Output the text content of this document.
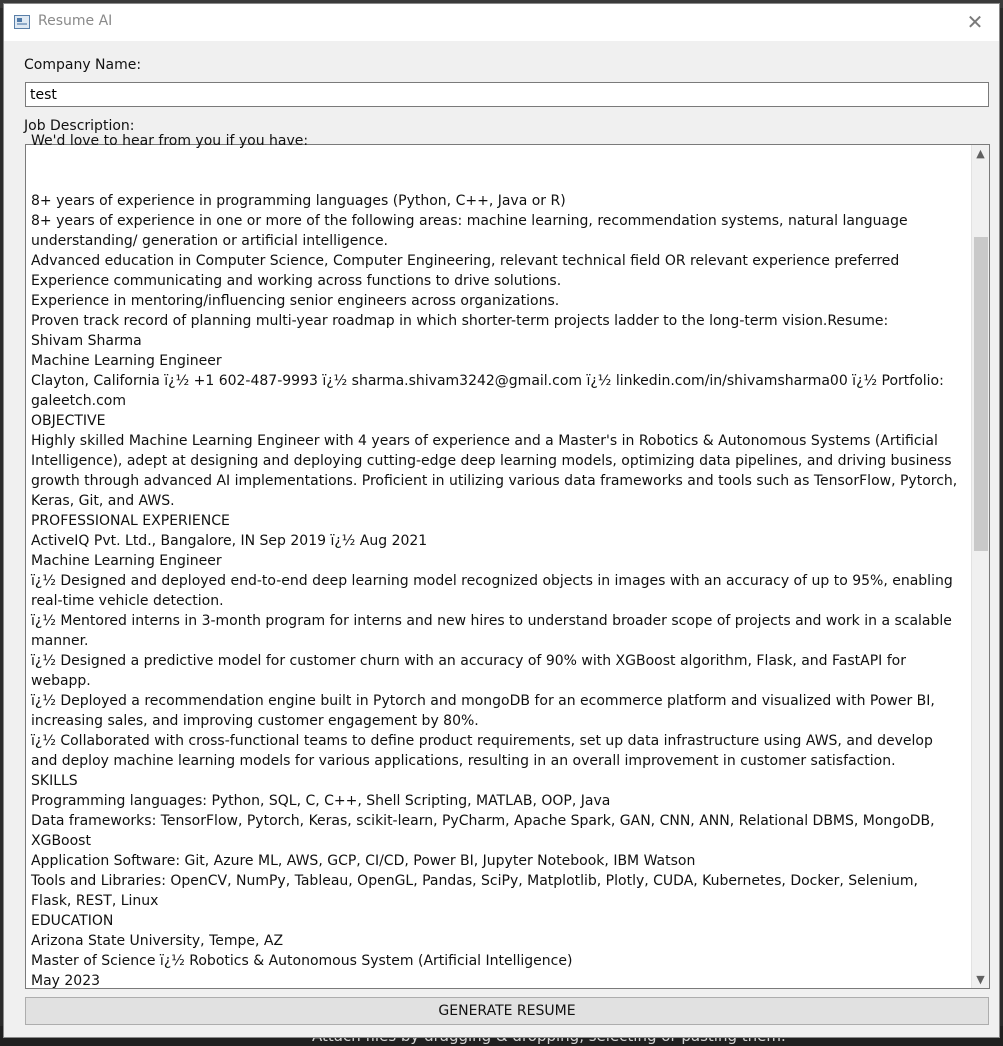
Resume AI	✕
Company Name:
test
Job Description:
We'd love to hear from you if you have:

8+ years of experience in programming languages (Python, C++, Java or R)
8+ years of experience in one or more of the following areas: machine learning, recommendation systems, natural language understanding/ generation or artificial intelligence.
Advanced education in Computer Science, Computer Engineering, relevant technical field OR relevant experience preferred
Experience communicating and working across functions to drive solutions.
Experience in mentoring/influencing senior engineers across organizations.
Proven track record of planning multi-year roadmap in which shorter-term projects ladder to the long-term vision.Resume:
Shivam Sharma
Machine Learning Engineer
Clayton, California ï¿½ +1 602-487-9993 ï¿½ sharma.shivam3242@gmail.com ï¿½ linkedin.com/in/shivamsharma00 ï¿½ Portfolio: galeetch.com
OBJECTIVE
Highly skilled Machine Learning Engineer with 4 years of experience and a Master's in Robotics & Autonomous Systems (Artificial Intelligence), adept at designing and deploying cutting-edge deep learning models, optimizing data pipelines, and driving business growth through advanced AI implementations. Proficient in utilizing various data frameworks and tools such as TensorFlow, Pytorch, Keras, Git, and AWS.
PROFESSIONAL EXPERIENCE
ActiveIQ Pvt. Ltd., Bangalore, IN Sep 2019 ï¿½ Aug 2021
Machine Learning Engineer
ï¿½ Designed and deployed end-to-end deep learning model recognized objects in images with an accuracy of up to 95%, enabling real-time vehicle detection.
ï¿½ Mentored interns in 3-month program for interns and new hires to understand broader scope of projects and work in a scalable manner.
ï¿½ Designed a predictive model for customer churn with an accuracy of 90% with XGBoost algorithm, Flask, and FastAPI for webapp.
ï¿½ Deployed a recommendation engine built in Pytorch and mongoDB for an ecommerce platform and visualized with Power BI, increasing sales, and improving customer engagement by 80%.
ï¿½ Collaborated with cross-functional teams to define product requirements, set up data infrastructure using AWS, and develop and deploy machine learning models for various applications, resulting in an overall improvement in customer satisfaction.
SKILLS
Programming languages: Python, SQL, C, C++, Shell Scripting, MATLAB, OOP, Java
Data frameworks: TensorFlow, Pytorch, Keras, scikit-learn, PyCharm, Apache Spark, GAN, CNN, ANN, Relational DBMS, MongoDB, XGBoost
Application Software: Git, Azure ML, AWS, GCP, CI/CD, Power BI, Jupyter Notebook, IBM Watson
Tools and Libraries: OpenCV, NumPy, Tableau, OpenGL, Pandas, SciPy, Matplotlib, Plotly, CUDA, Kubernetes, Docker, Selenium, Flask, REST, Linux
EDUCATION
Arizona State University, Tempe, AZ
Master of Science ï¿½ Robotics & Autonomous System (Artificial Intelligence)
May 2023
▲
▼
GENERATE RESUME
